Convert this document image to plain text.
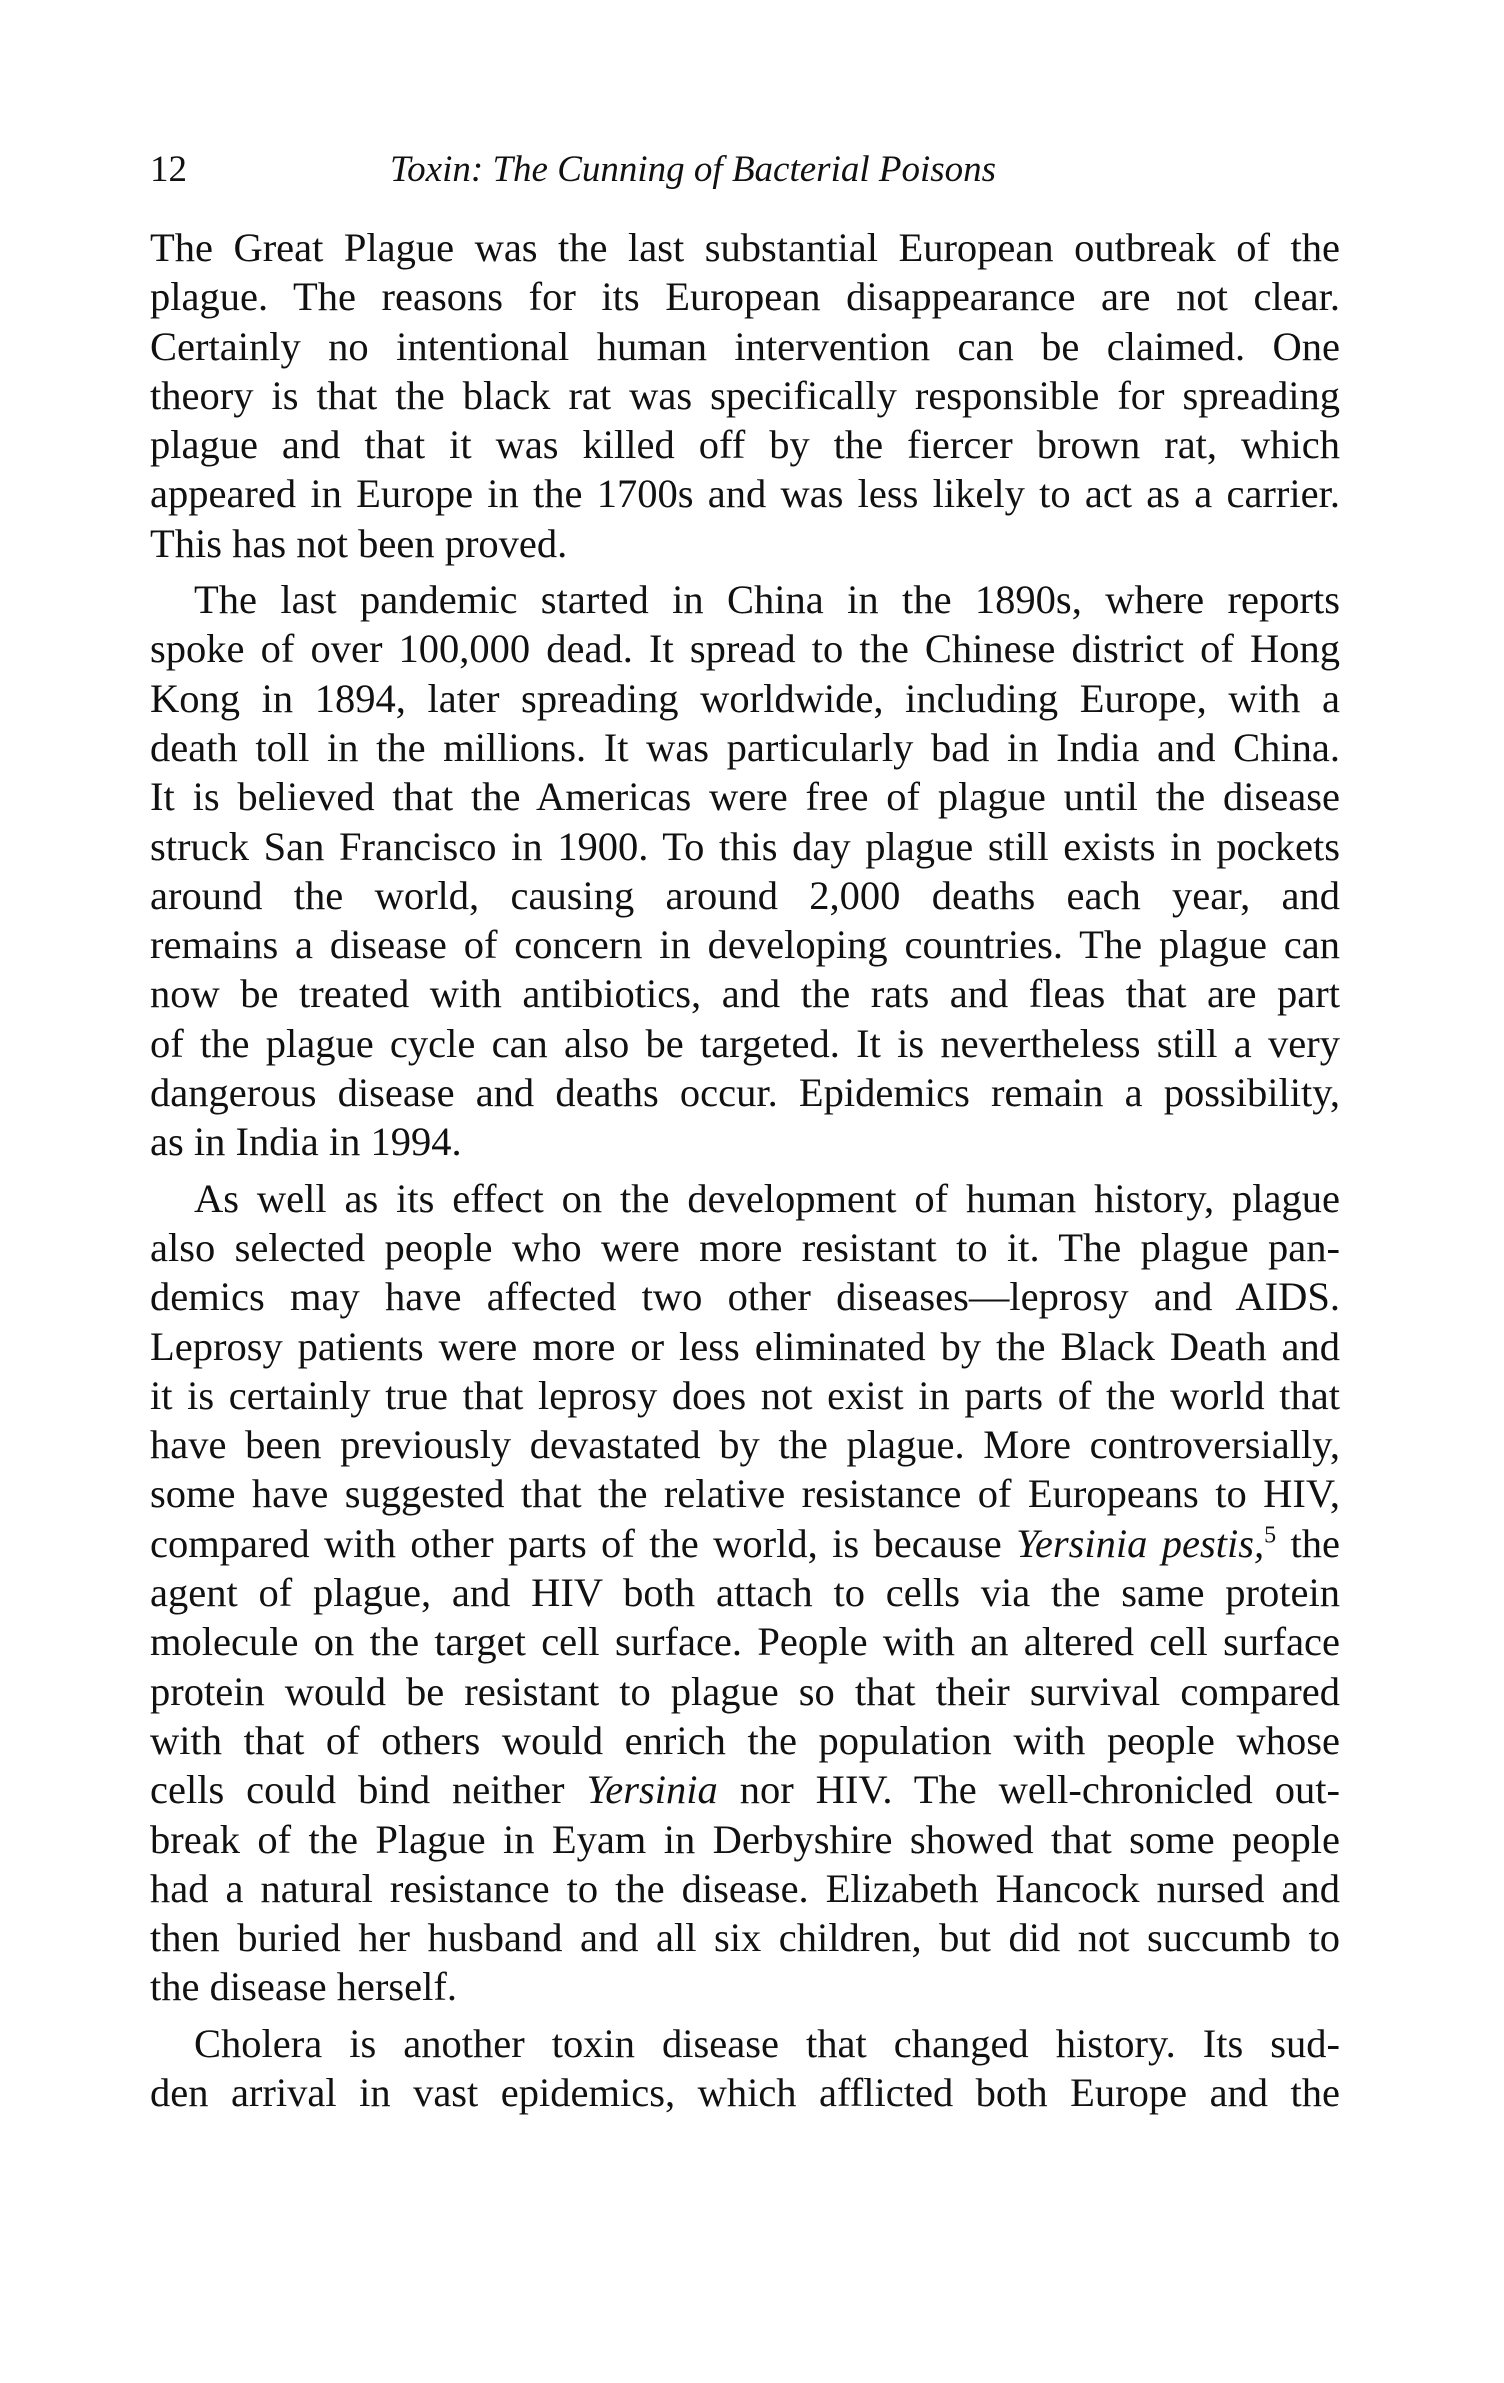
12	Toxin: The Cunning of Bacterial Poisons
The Great Plague was the last substantial European outbreak of the
plague. The reasons for its European disappearance are not clear.
Certainly no intentional human intervention can be claimed. One
theory is that the black rat was specifically responsible for spreading
plague and that it was killed off by the fiercer brown rat, which
appeared in Europe in the 1700s and was less likely to act as a carrier.
This has not been proved.
The last pandemic started in China in the 1890s, where reports
spoke of over 100,000 dead. It spread to the Chinese district of Hong
Kong in 1894, later spreading worldwide, including Europe, with a
death toll in the millions. It was particularly bad in India and China.
It is believed that the Americas were free of plague until the disease
struck San Francisco in 1900. To this day plague still exists in pockets
around the world, causing around 2,000 deaths each year, and
remains a disease of concern in developing countries. The plague can
now be treated with antibiotics, and the rats and fleas that are part
of the plague cycle can also be targeted. It is nevertheless still a very
dangerous disease and deaths occur. Epidemics remain a possibility,
as in India in 1994.
As well as its effect on the development of human history, plague
also selected people who were more resistant to it. The plague pan-
demics may have affected two other diseases—leprosy and AIDS.
Leprosy patients were more or less eliminated by the Black Death and
it is certainly true that leprosy does not exist in parts of the world that
have been previously devastated by the plague. More controversially,
some have suggested that the relative resistance of Europeans to HIV,
compared with other parts of the world, is because Yersinia pestis,$^5$ the
agent of plague, and HIV both attach to cells via the same protein
molecule on the target cell surface. People with an altered cell surface
protein would be resistant to plague so that their survival compared
with that of others would enrich the population with people whose
cells could bind neither Yersinia nor HIV. The well-chronicled out-
break of the Plague in Eyam in Derbyshire showed that some people
had a natural resistance to the disease. Elizabeth Hancock nursed and
then buried her husband and all six children, but did not succumb to
the disease herself.
Cholera is another toxin disease that changed history. Its sud-
den arrival in vast epidemics, which afflicted both Europe and the
